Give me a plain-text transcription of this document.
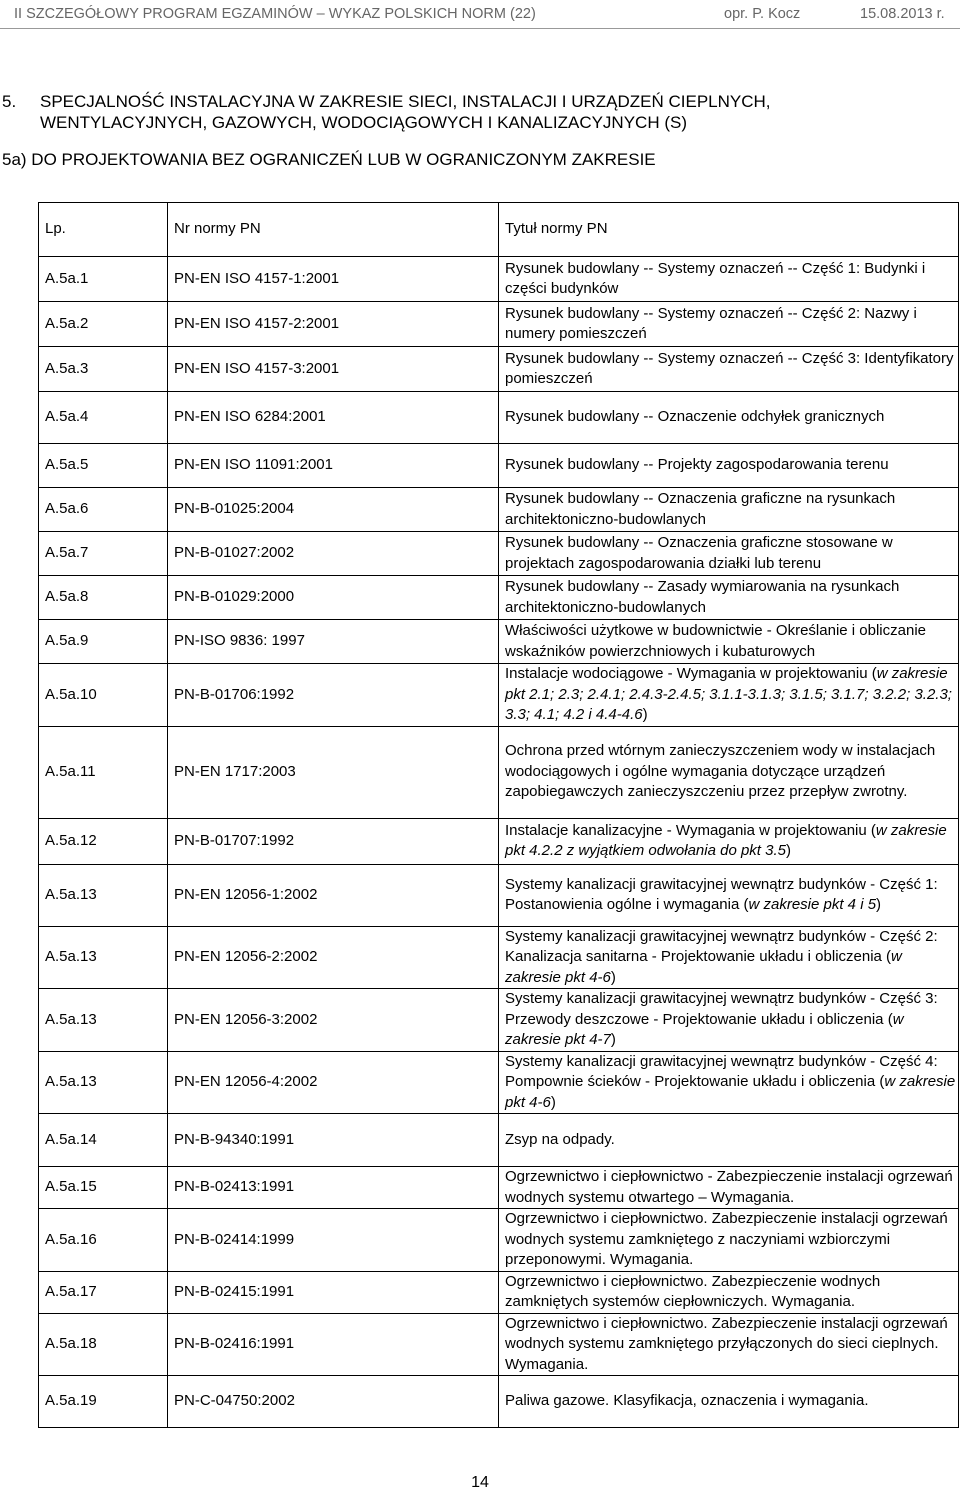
II SZCZEGÓŁOWY PROGRAM EGZAMINÓW – WYKAZ POLSKICH NORM (22)	opr. P. Kocz	15.08.2013 r.
5. SPECJALNOŚĆ INSTALACYJNA W ZAKRESIE SIECI, INSTALACJI I URZĄDZEŃ CIEPLNYCH, WENTYLACYJNYCH, GAZOWYCH, WODOCIĄGOWYCH I KANALIZACYJNYCH (S)
5a) DO PROJEKTOWANIA BEZ OGRANICZEŃ LUB W OGRANICZONYM ZAKRESIE
Lp.	Nr normy PN	Tytuł normy PN
A.5a.1	PN-EN ISO 4157-1:2001	Rysunek budowlany -- Systemy oznaczeń -- Część 1: Budynki i części budynków
A.5a.2	PN-EN ISO 4157-2:2001	Rysunek budowlany -- Systemy oznaczeń -- Część 2: Nazwy i numery pomieszczeń
A.5a.3	PN-EN ISO 4157-3:2001	Rysunek budowlany -- Systemy oznaczeń -- Część 3: Identyfikatory pomieszczeń
A.5a.4	PN-EN ISO 6284:2001	Rysunek budowlany -- Oznaczenie odchyłek granicznych
A.5a.5	PN-EN ISO 11091:2001	Rysunek budowlany -- Projekty zagospodarowania terenu
A.5a.6	PN-B-01025:2004	Rysunek budowlany -- Oznaczenia graficzne na rysunkach architektoniczno-budowlanych
A.5a.7	PN-B-01027:2002	Rysunek budowlany -- Oznaczenia graficzne stosowane w projektach zagospodarowania działki lub terenu
A.5a.8	PN-B-01029:2000	Rysunek budowlany -- Zasady wymiarowania na rysunkach architektoniczno-budowlanych
A.5a.9	PN-ISO 9836: 1997	Właściwości użytkowe w budownictwie - Określanie i obliczanie wskaźników powierzchniowych i kubaturowych
A.5a.10	PN-B-01706:1992	Instalacje wodociągowe - Wymagania w projektowaniu (w zakresie pkt 2.1; 2.3; 2.4.1; 2.4.3-2.4.5; 3.1.1-3.1.3; 3.1.5; 3.1.7; 3.2.2; 3.2.3; 3.3; 4.1; 4.2 i 4.4-4.6)
A.5a.11	PN-EN 1717:2003	Ochrona przed wtórnym zanieczyszczeniem wody w instalacjach wodociągowych i ogólne wymagania dotyczące urządzeń zapobiegawczych zanieczyszczeniu przez przepływ zwrotny.
A.5a.12	PN-B-01707:1992	Instalacje kanalizacyjne - Wymagania w projektowaniu (w zakresie pkt 4.2.2 z wyjątkiem odwołania do pkt 3.5)
A.5a.13	PN-EN 12056-1:2002	Systemy kanalizacji grawitacyjnej wewnątrz budynków - Część 1: Postanowienia ogólne i wymagania (w zakresie pkt 4 i 5)
A.5a.13	PN-EN 12056-2:2002	Systemy kanalizacji grawitacyjnej wewnątrz budynków - Część 2: Kanalizacja sanitarna - Projektowanie układu i obliczenia (w zakresie pkt 4-6)
A.5a.13	PN-EN 12056-3:2002	Systemy kanalizacji grawitacyjnej wewnątrz budynków - Część 3: Przewody deszczowe - Projektowanie układu i obliczenia (w zakresie pkt 4-7)
A.5a.13	PN-EN 12056-4:2002	Systemy kanalizacji grawitacyjnej wewnątrz budynków - Część 4: Pompownie ścieków - Projektowanie układu i obliczenia (w zakresie pkt 4-6)
A.5a.14	PN-B-94340:1991	Zsyp na odpady.
A.5a.15	PN-B-02413:1991	Ogrzewnictwo i ciepłownictwo - Zabezpieczenie instalacji ogrzewań wodnych systemu otwartego – Wymagania.
A.5a.16	PN-B-02414:1999	Ogrzewnictwo i ciepłownictwo. Zabezpieczenie instalacji ogrzewań wodnych systemu zamkniętego z naczyniami wzbiorczymi przeponowymi. Wymagania.
A.5a.17	PN-B-02415:1991	Ogrzewnictwo i ciepłownictwo. Zabezpieczenie wodnych zamkniętych systemów ciepłowniczych. Wymagania.
A.5a.18	PN-B-02416:1991	Ogrzewnictwo i ciepłownictwo. Zabezpieczenie instalacji ogrzewań wodnych systemu zamkniętego przyłączonych do sieci cieplnych. Wymagania.
A.5a.19	PN-C-04750:2002	Paliwa gazowe. Klasyfikacja, oznaczenia i wymagania.
14
